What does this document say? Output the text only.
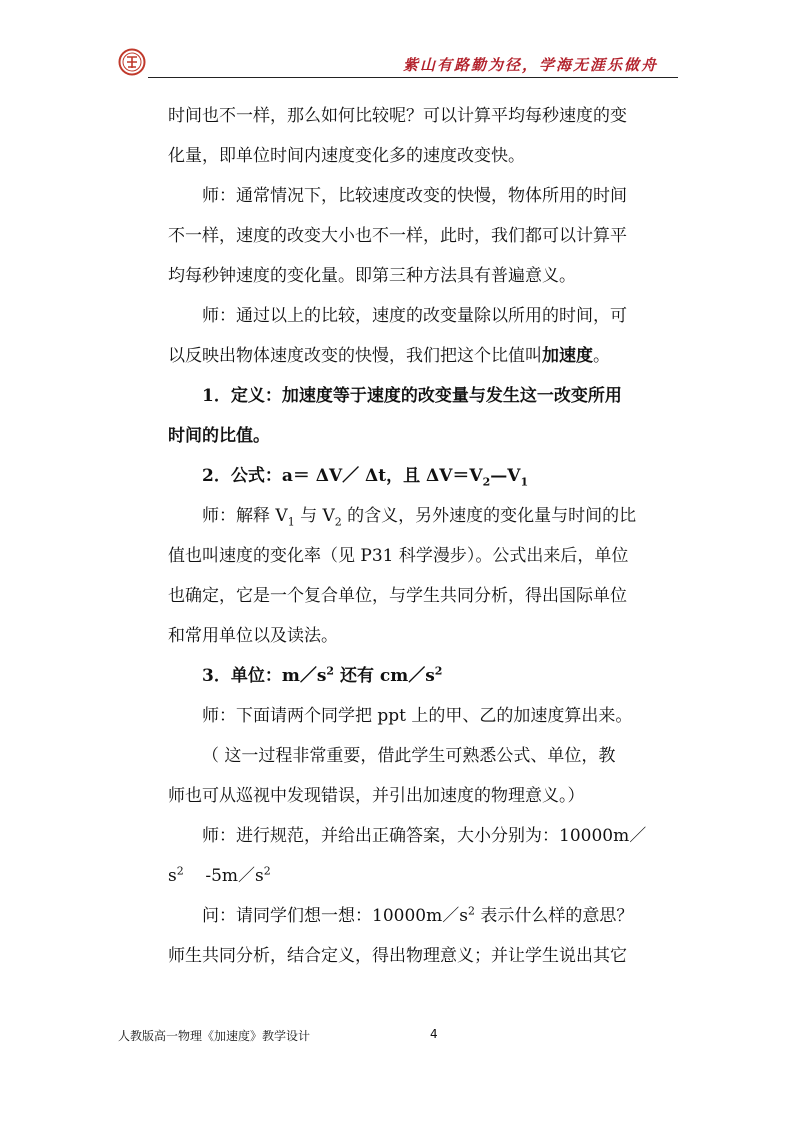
紫山有路勤为径，学海无涯乐做舟

时间也不一样，那么如何比较呢？可以计算平均每秒速度的变

化量，即单位时间内速度变化多的速度改变快。

师：通常情况下，比较速度改变的快慢，物体所用的时间

不一样，速度的改变大小也不一样，此时，我们都可以计算平

均每秒钟速度的变化量。即第三种方法具有普遍意义。

师：通过以上的比较，速度的改变量除以所用的时间，可

以反映出物体速度改变的快慢，我们把这个比值叫加速度。

1．定义：加速度等于速度的改变量与发生这一改变所用

时间的比值。

2．公式：a＝ ΔV／ Δt，且 $\Delta V=V_2—V_1$

师：解释 $V_1$ 与 $V_2$ 的含义，另外速度的变化量与时间的比

值也叫速度的变化率（见 P31 科学漫步）。公式出来后，单位

也确定，它是一个复合单位，与学生共同分析，得出国际单位

和常用单位以及读法。

3．单位：$m/s^2$ 还有 $cm/s^2$

师：下面请两个同学把 ppt 上的甲、乙的加速度算出来。

（ 这一过程非常重要，借此学生可熟悉公式、单位，教

师也可从巡视中发现错误，并引出加速度的物理意义。）

师：进行规范，并给出正确答案，大小分别为：10000m／

$s^2$    $-5m/s^2$

问：请同学们想一想：$10000m/s^2$ 表示什么样的意思？

师生共同分析，结合定义，得出物理意义；并让学生说出其它

人教版高一物理《加速度》教学设计	4
